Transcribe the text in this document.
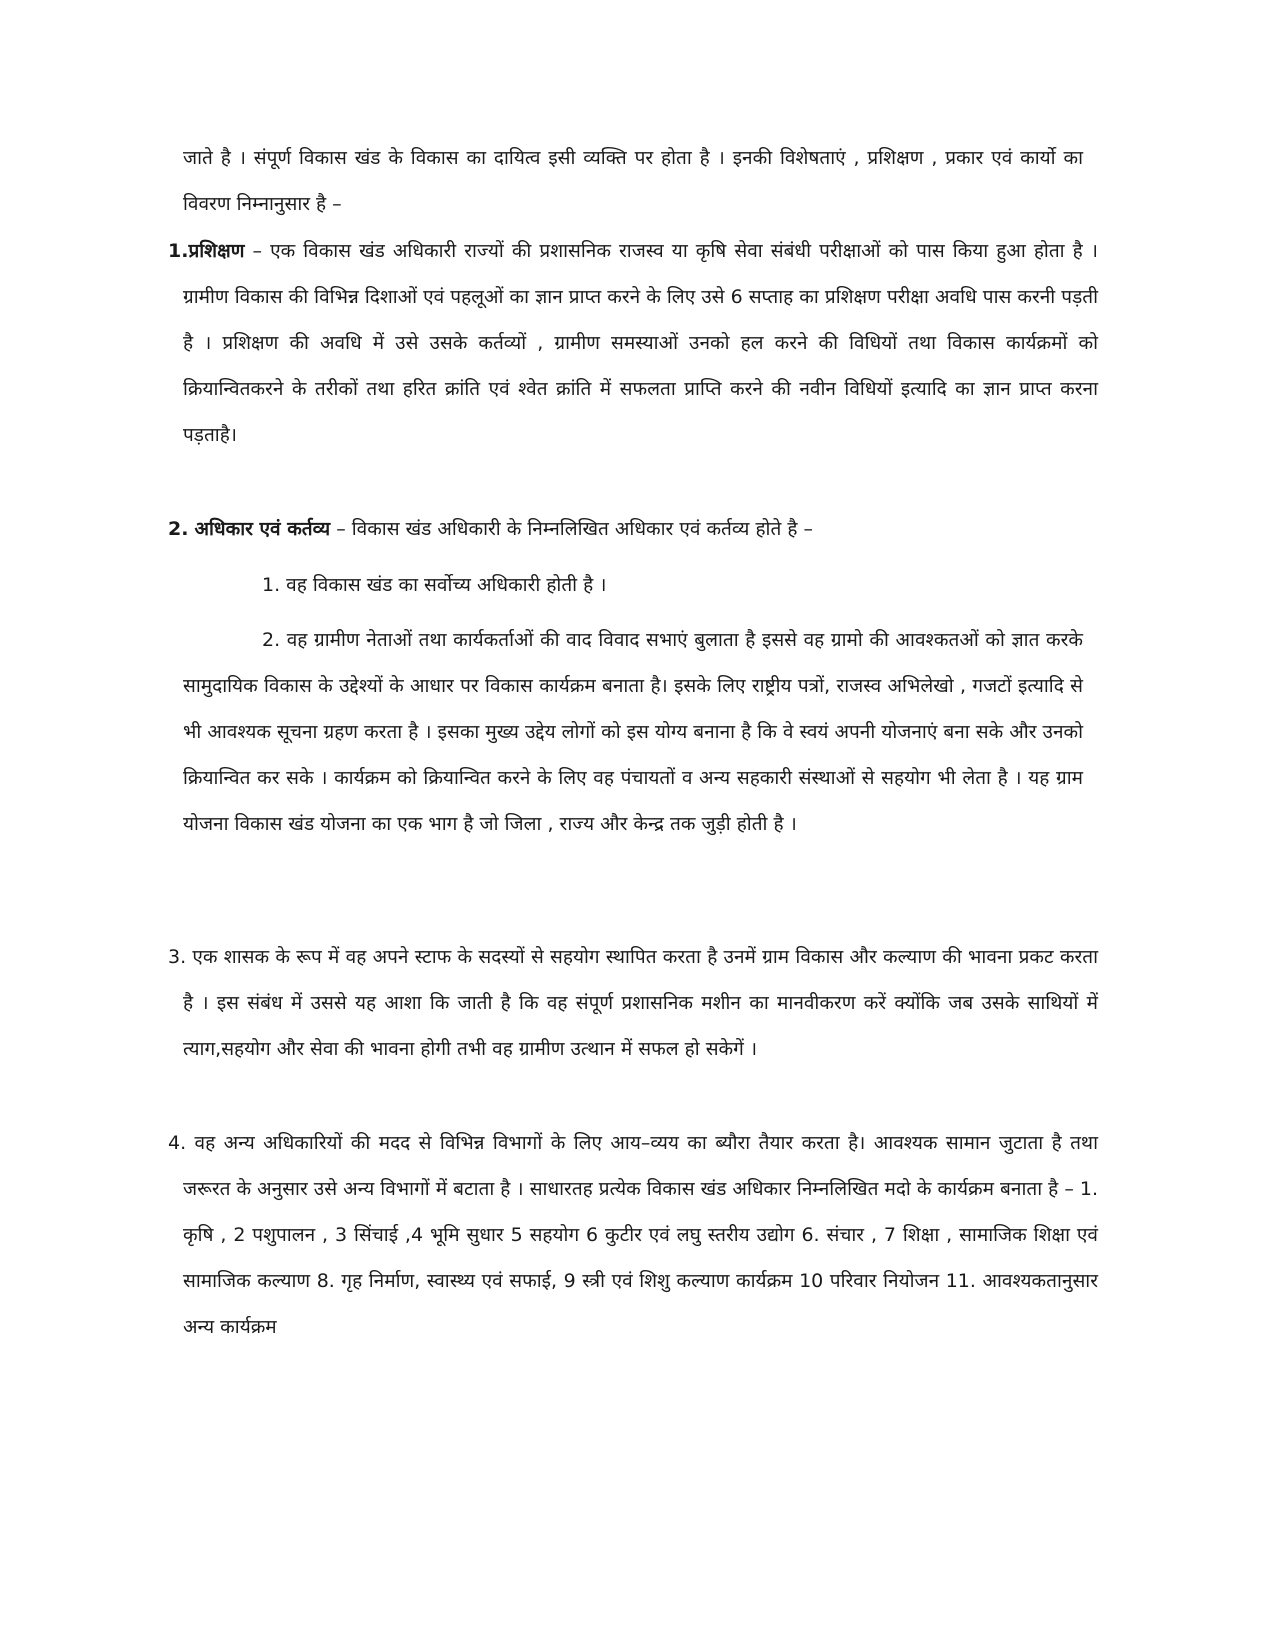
जाते है । संपूर्ण विकास खंड के विकास का दायित्व इसी व्यक्ति पर होता है । इनकी विशेषताएं , प्रशिक्षण , प्रकार एवं कार्यो का विवरण निम्नानुसार है –

1.प्रशिक्षण – एक विकास खंड अधिकारी राज्यों की प्रशासनिक राजस्व या कृषि सेवा संबंधी परीक्षाओं को पास किया हुआ होता है । ग्रामीण विकास की विभिन्न दिशाओं एवं पहलूओं का ज्ञान प्राप्त करने के लिए उसे 6 सप्ताह का प्रशिक्षण परीक्षा अवधि पास करनी पड़ती है । प्रशिक्षण की अवधि में उसे उसके कर्तव्यों , ग्रामीण समस्याओं उनको हल करने की विधियों तथा विकास कार्यक्रमों को क्रियान्वितकरने के तरीकों तथा हरित क्रांति एवं श्वेत क्रांति में सफलता प्राप्ति करने की नवीन विधियों इत्यादि का ज्ञान प्राप्त करना पड़ताहै।

2. अधिकार एवं कर्तव्य – विकास खंड अधिकारी के निम्नलिखित अधिकार एवं कर्तव्य होते है –

1. वह विकास खंड का सर्वोच्य अधिकारी होती है ।

2. वह ग्रामीण नेताओं तथा कार्यकर्ताओं की वाद विवाद सभाएं बुलाता है इससे वह ग्रामो की आवश्कतओं को ज्ञात करके सामुदायिक विकास के उद्देश्यों के आधार पर विकास कार्यक्रम बनाता है। इसके लिए राष्ट्रीय पत्रों, राजस्व अभिलेखो , गजटों इत्यादि से भी आवश्यक सूचना ग्रहण करता है । इसका मुख्य उद्देय लोगों को इस योग्य बनाना है कि वे स्वयं अपनी योजनाएं बना सके और उनको क्रियान्वित कर सके । कार्यक्रम को क्रियान्वित करने के लिए वह पंचायतों व अन्य सहकारी संस्थाओं से सहयोग भी लेता है । यह ग्राम योजना विकास खंड योजना का एक भाग है जो जिला , राज्य और केन्द्र तक जुड़ी होती है ।

3. एक शासक के रूप में वह अपने स्टाफ के सदस्यों से सहयोग स्थापित करता है उनमें ग्राम विकास और कल्याण की भावना प्रकट करता है । इस संबंध में उससे यह आशा कि जाती है कि वह संपूर्ण प्रशासनिक मशीन का मानवीकरण करें क्योंकि जब उसके साथियों में त्याग,सहयोग और सेवा की भावना होगी तभी वह ग्रामीण उत्थान में सफल हो सकेगें ।

4. वह अन्य अधिकारियों की मदद से विभिन्न विभागों के लिए आय–व्यय का ब्यौरा तैयार करता है। आवश्यक सामान जुटाता है तथा जरूरत के अनुसार उसे अन्य विभागों में बटाता है । साधारतह प्रत्येक विकास खंड अधिकार निम्नलिखित मदो के कार्यक्रम बनाता है – 1. कृषि , 2 पशुपालन , 3 सिंचाई ,4 भूमि सुधार 5 सहयोग 6 कुटीर एवं लघु स्तरीय उद्योग 6. संचार , 7 शिक्षा , सामाजिक शिक्षा एवं सामाजिक कल्याण 8. गृह निर्माण, स्वास्थ्य एवं सफाई, 9 स्त्री एवं शिशु कल्याण कार्यक्रम 10 परिवार नियोजन 11. आवश्यकतानुसार अन्य कार्यक्रम
